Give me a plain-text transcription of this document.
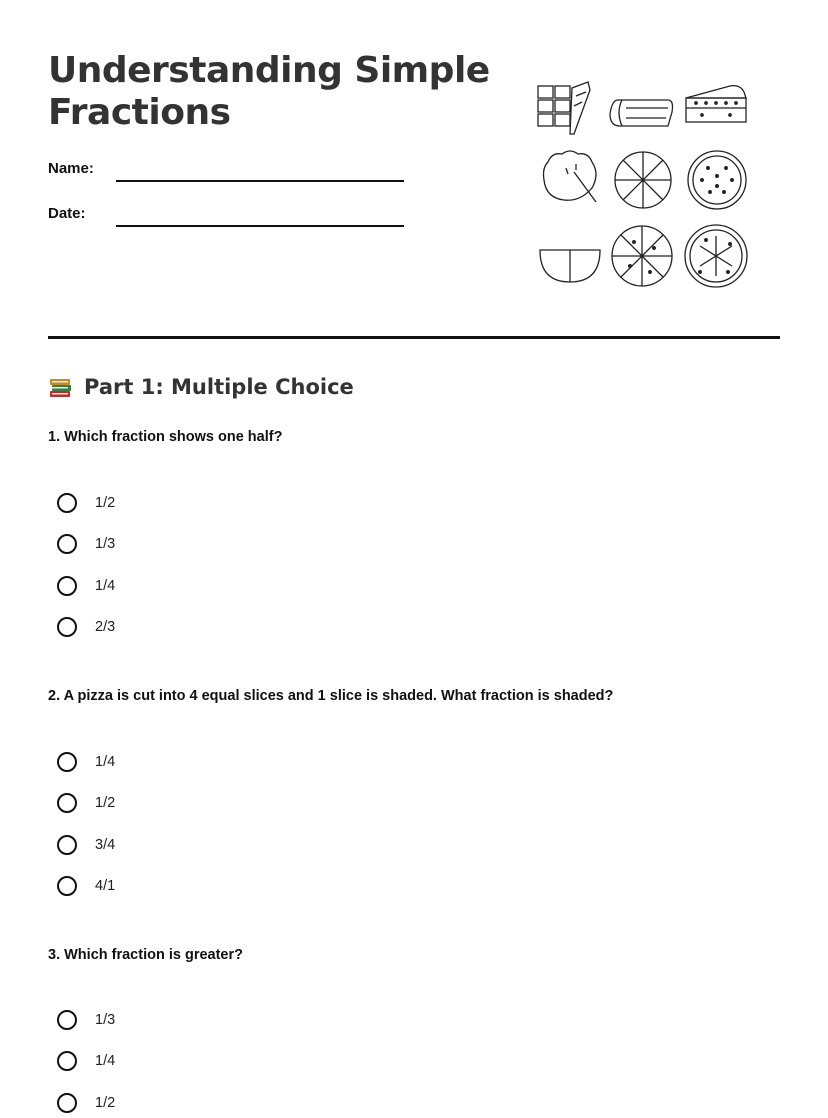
Understanding Simple Fractions
Name:
Date:
Part 1: Multiple Choice

1. Which fraction shows one half?

1/2
1/3
1/4
2/3

2. A pizza is cut into 4 equal slices and 1 slice is shaded. What fraction is shaded?

1/4
1/2
3/4
4/1

3. Which fraction is greater?

1/3
1/4
1/2
